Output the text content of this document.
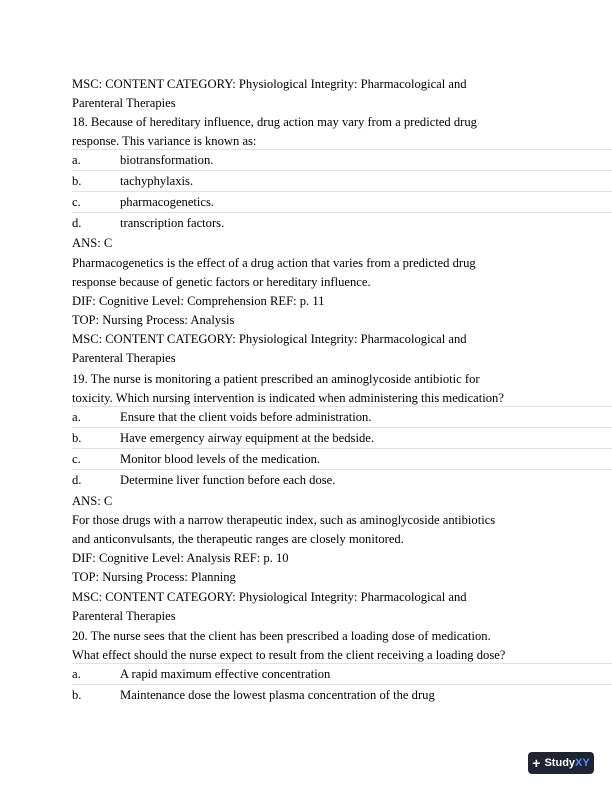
MSC: CONTENT CATEGORY: Physiological Integrity: Pharmacological and
Parenteral Therapies
18. Because of hereditary influence, drug action may vary from a predicted drug
response. This variance is known as:
a.	biotransformation.
b.	tachyphylaxis.
c.	pharmacogenetics.
d.	transcription factors.
ANS: C
Pharmacogenetics is the effect of a drug action that varies from a predicted drug
response because of genetic factors or hereditary influence.
DIF: Cognitive Level: Comprehension REF: p. 11
TOP: Nursing Process: Analysis
MSC: CONTENT CATEGORY: Physiological Integrity: Pharmacological and
Parenteral Therapies
19. The nurse is monitoring a patient prescribed an aminoglycoside antibiotic for
toxicity. Which nursing intervention is indicated when administering this medication?
a.	Ensure that the client voids before administration.
b.	Have emergency airway equipment at the bedside.
c.	Monitor blood levels of the medication.
d.	Determine liver function before each dose.
ANS: C
For those drugs with a narrow therapeutic index, such as aminoglycoside antibiotics
and anticonvulsants, the therapeutic ranges are closely monitored.
DIF: Cognitive Level: Analysis REF: p. 10
TOP: Nursing Process: Planning
MSC: CONTENT CATEGORY: Physiological Integrity: Pharmacological and
Parenteral Therapies
20. The nurse sees that the client has been prescribed a loading dose of medication.
What effect should the nurse expect to result from the client receiving a loading dose?
a.	A rapid maximum effective concentration
b.	Maintenance dose the lowest plasma concentration of the drug
+ Study XY
